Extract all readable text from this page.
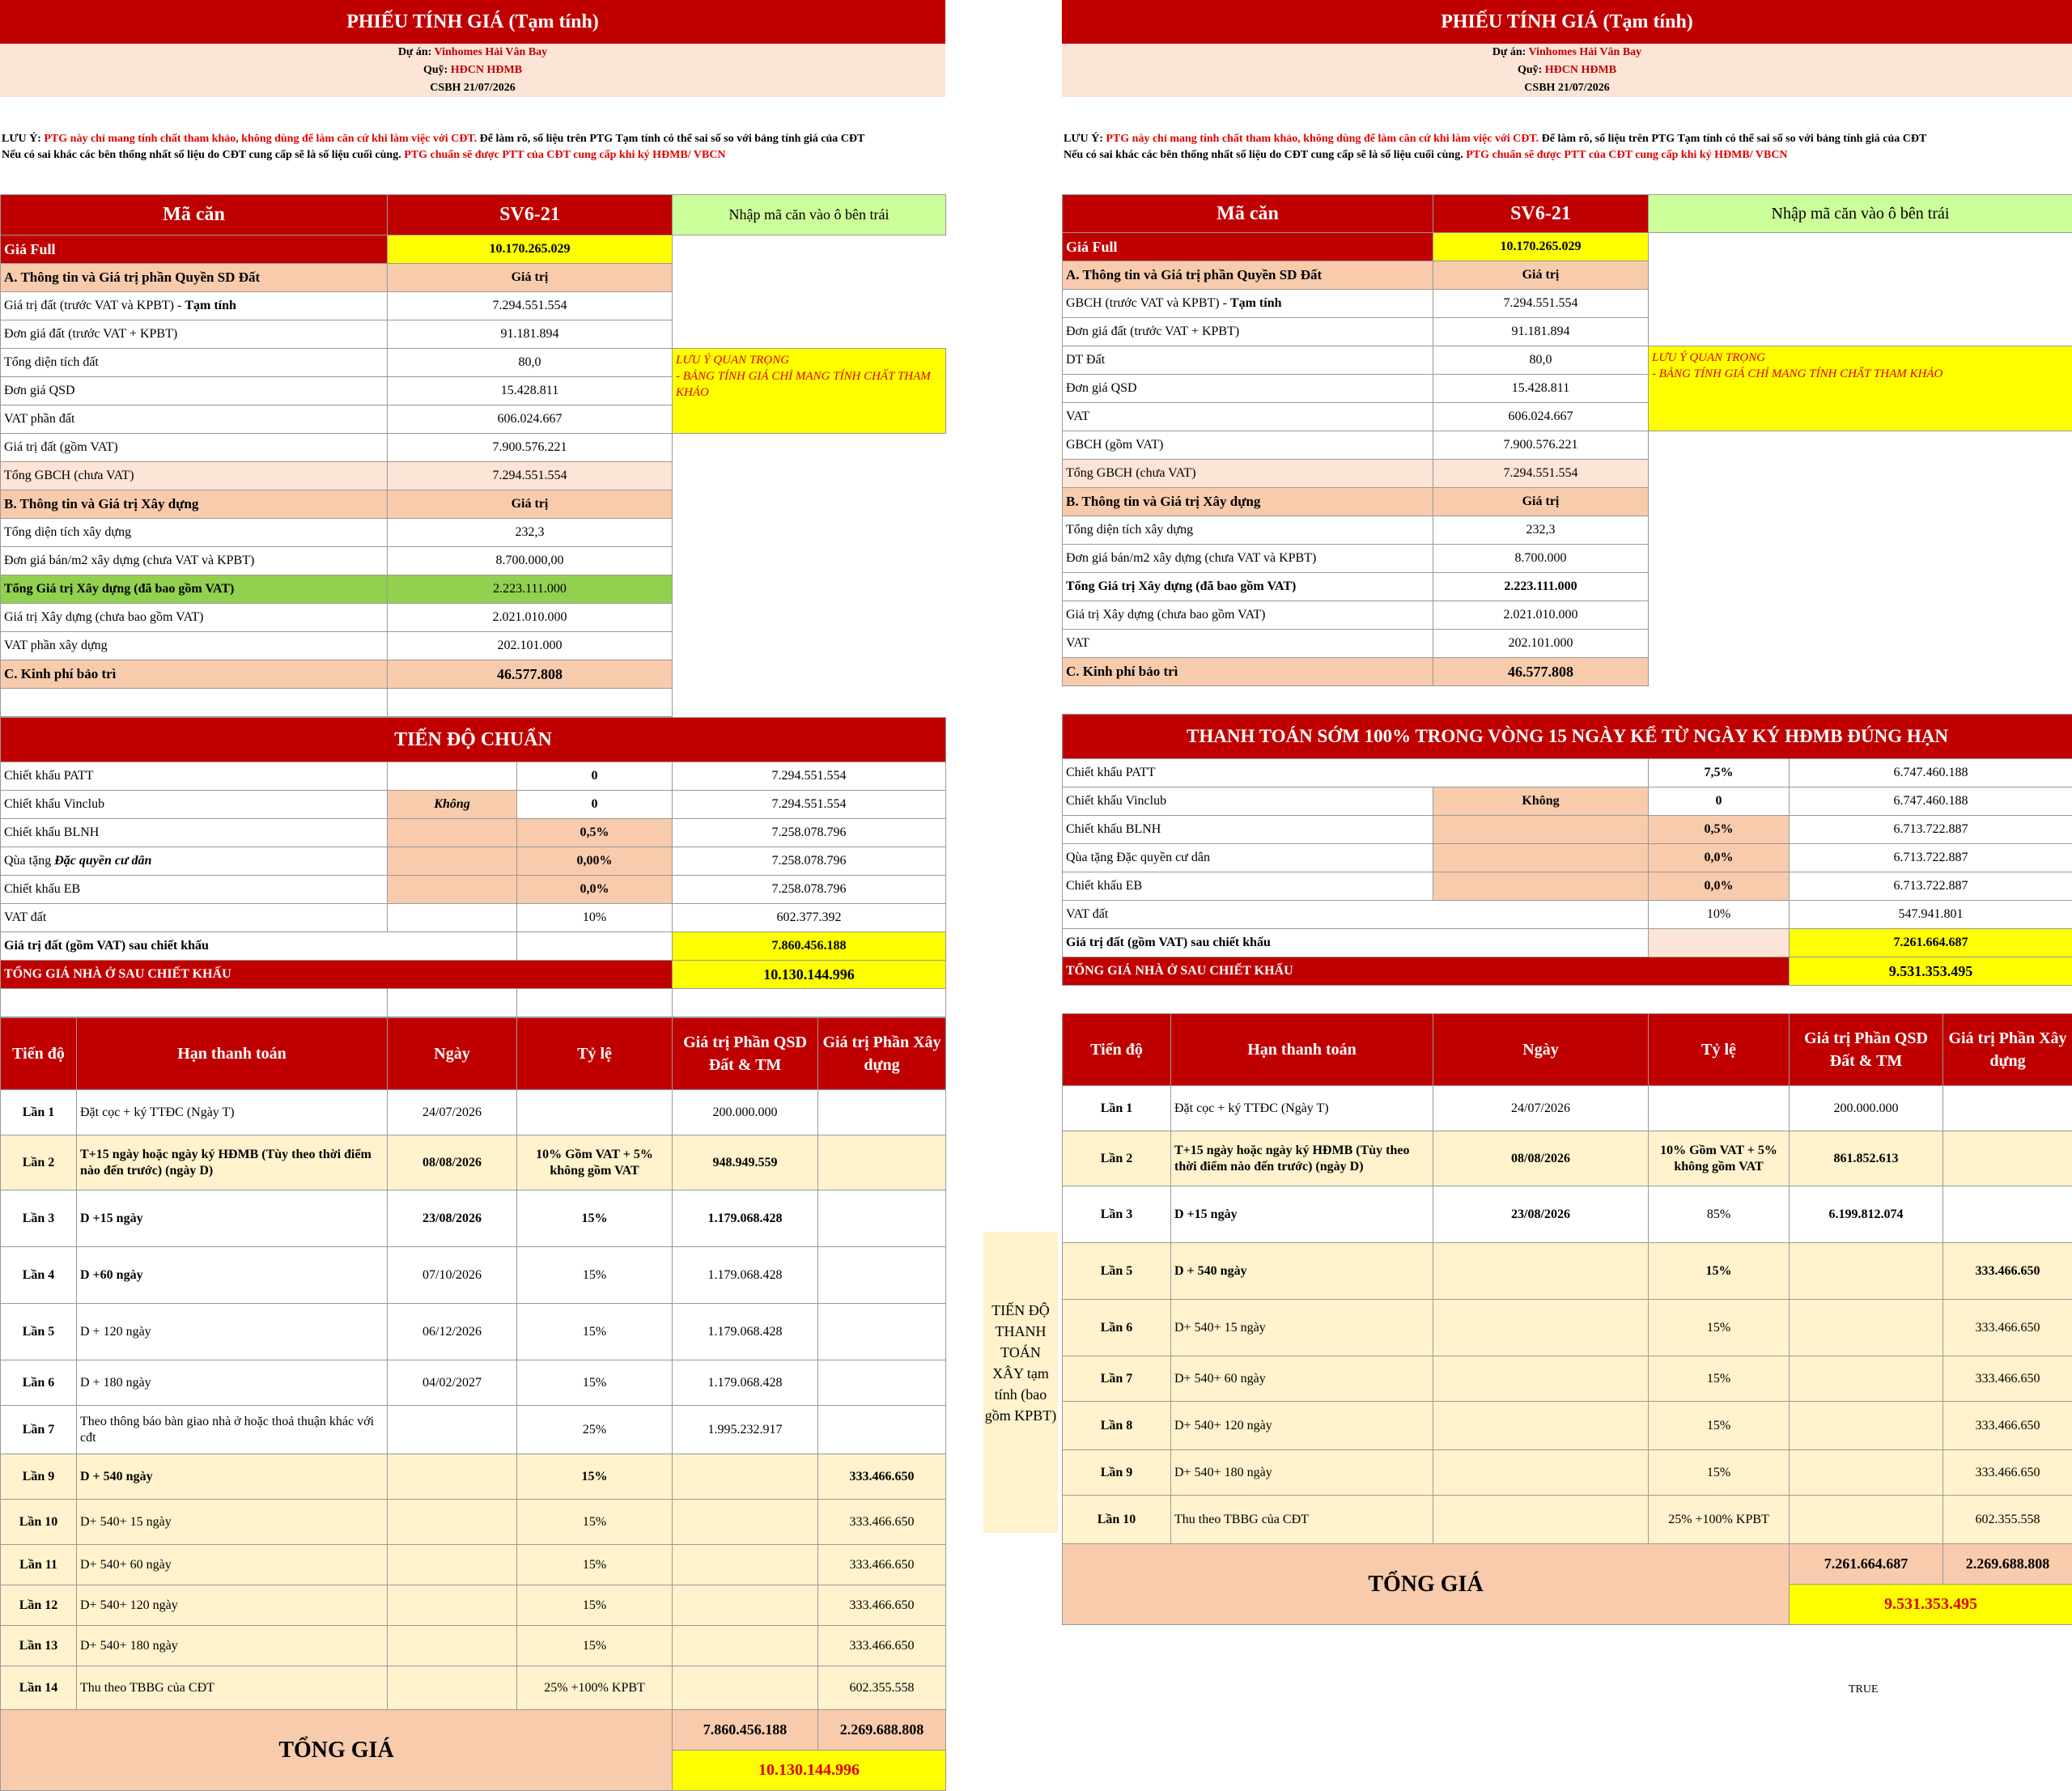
PHIẾU TÍNH GIÁ (Tạm tính)
Dự án: Vinhomes Hải Vân Bay
Quỹ: HĐCN HĐMB
CSBH 21/07/2026
LƯU Ý: PTG này chỉ mang tính chất tham khảo, không dùng để làm căn cứ khi làm việc với CĐT. Để làm rõ, số liệu trên PTG Tạm tính có thể sai số so với bảng tính giá của CĐT
Nếu có sai khác các bên thống nhất số liệu do CĐT cung cấp sẽ là số liệu cuối cùng. PTG chuẩn sẽ được PTT của CĐT cung cấp khi ký HĐMB/ VBCN
Mã căn	SV6-21	Nhập mã căn vào ô bên trái
Giá Full	10.170.265.029	
A. Thông tin và Giá trị phần Quyền SD Đất	Giá trị	
Giá trị đất (trước VAT và KPBT) - Tạm tính	7.294.551.554	
Đơn giá đất (trước VAT + KPBT)	91.181.894	
Tổng diện tích đất	80,0	LƯU Ý QUAN TRỌNG
- BẢNG TÍNH GIÁ CHỈ MANG TÍNH CHẤT THAM KHẢO
Đơn giá QSD	15.428.811	
VAT phần đất	606.024.667	
Giá trị đất (gồm VAT)	7.900.576.221	
Tổng GBCH (chưa VAT)	7.294.551.554	
B. Thông tin và Giá trị Xây dựng	Giá trị	
Tổng diện tích xây dựng	232,3	
Đơn giá bán/m2 xây dựng (chưa VAT và KPBT)	8.700.000,00	
Tổng Giá trị Xây dựng (đã bao gồm VAT)	2.223.111.000	
Giá trị Xây dựng (chưa bao gồm VAT)	2.021.010.000	
VAT phần xây dựng	202.101.000	
C. Kinh phí bảo trì	46.577.808	

TIẾN ĐỘ CHUẨN			
Chiết khấu PATT		0	7.294.551.554
Chiết khấu Vinclub	Không	0	7.294.551.554
Chiết khấu BLNH		0,5%	7.258.078.796
Qùa tặng Đặc quyền cư dân		0,00%	7.258.078.796
Chiết khấu EB		0,0%	7.258.078.796
VAT đất		10%	602.377.392
Giá trị đất (gồm VAT) sau chiết khấu			7.860.456.188
TỔNG GIÁ NHÀ Ở SAU CHIẾT KHẤU			10.130.144.996

Tiến độ	Hạn thanh toán	Ngày	Tỷ lệ	Giá trị Phần QSD Đất & TM	Giá trị Phần Xây dựng
Lần 1	Đặt cọc + ký TTĐC (Ngày T)	24/07/2026		200.000.000	
Lần 2	T+15 ngày hoặc ngày ký HĐMB (Tùy theo thời điểm nào đến trước) (ngày D)	08/08/2026	10% Gồm VAT + 5% không gồm VAT	948.949.559	
Lần 3	D +15 ngày	23/08/2026	15%	1.179.068.428	
Lần 4	D +60 ngày	07/10/2026	15%	1.179.068.428	
Lần 5	D + 120 ngày	06/12/2026	15%	1.179.068.428	
Lần 6	D + 180 ngày	04/02/2027	15%	1.179.068.428	
Lần 7	Theo thông báo bàn giao nhà ở hoặc thoả thuận khác với cđt		25%	1.995.232.917	
Lần 9	D + 540 ngày		15%		333.466.650
Lần 10	D+ 540+ 15 ngày		15%		333.466.650
Lần 11	D+ 540+ 60 ngày		15%		333.466.650
Lần 12	D+ 540+ 120 ngày		15%		333.466.650
Lần 13	D+ 540+ 180 ngày		15%		333.466.650
Lần 14	Thu theo TBBG của CĐT		25% +100% KPBT		602.355.558
TỔNG GIÁ				7.860.456.188	2.269.688.808
				10.130.144.996	
PHIẾU TÍNH GIÁ (Tạm tính)
Dự án: Vinhomes Hải Vân Bay
Quỹ: HĐCN HĐMB
CSBH 21/07/2026
LƯU Ý: PTG này chỉ mang tính chất tham khảo, không dùng để làm căn cứ khi làm việc với CĐT. Để làm rõ, số liệu trên PTG Tạm tính có thể sai số so với bảng tính giá của CĐT
Nếu có sai khác các bên thống nhất số liệu do CĐT cung cấp sẽ là số liệu cuối cùng. PTG chuẩn sẽ được PTT của CĐT cung cấp khi ký HĐMB/ VBCN
Mã căn	SV6-21	Nhập mã căn vào ô bên trái
Giá Full	10.170.265.029	
A. Thông tin và Giá trị phần Quyền SD Đất	Giá trị	
GBCH (trước VAT và KPBT) - Tạm tính	7.294.551.554	
Đơn giá đất (trước VAT + KPBT)	91.181.894	
DT Đất	80,0	LƯU Ý QUAN TRỌNG
- BẢNG TÍNH GIÁ CHỈ MANG TÍNH CHẤT THAM KHẢO
Đơn giá QSD	15.428.811	
VAT	606.024.667	
GBCH (gồm VAT)	7.900.576.221	
Tổng GBCH (chưa VAT)	7.294.551.554	
B. Thông tin và Giá trị Xây dựng	Giá trị	
Tổng diện tích xây dựng	232,3	
Đơn giá bán/m2 xây dựng (chưa VAT và KPBT)	8.700.000	
Tổng Giá trị Xây dựng (đã bao gồm VAT)	2.223.111.000	
Giá trị Xây dựng (chưa bao gồm VAT)	2.021.010.000	
VAT	202.101.000	
C. Kinh phí bảo trì	46.577.808	

THANH TOÁN SỚM 100% TRONG VÒNG 15 NGÀY KỂ TỪ NGÀY KÝ HĐMB ĐÚNG HẠN			
Chiết khấu PATT		7,5%	6.747.460.188
Chiết khấu Vinclub	Không	0	6.747.460.188
Chiết khấu BLNH		0,5%	6.713.722.887
Qùa tặng Đặc quyền cư dân		0,0%	6.713.722.887
Chiết khấu EB		0,0%	6.713.722.887
VAT đất		10%	547.941.801
Giá trị đất (gồm VAT) sau chiết khấu			7.261.664.687
TỔNG GIÁ NHÀ Ở SAU CHIẾT KHẤU			9.531.353.495

Tiến độ	Hạn thanh toán	Ngày	Tỷ lệ	Giá trị Phần QSD Đất & TM	Giá trị Phần Xây dựng
Lần 1	Đặt cọc + ký TTĐC (Ngày T)	24/07/2026		200.000.000	
Lần 2	T+15 ngày hoặc ngày ký HĐMB (Tùy theo thời điểm nào đến trước) (ngày D)	08/08/2026	10% Gồm VAT + 5% không gồm VAT	861.852.613	
Lần 3	D +15 ngày	23/08/2026	85%	6.199.812.074	
Lần 5	D + 540 ngày		15%		333.466.650
Lần 6	D+ 540+ 15 ngày		15%		333.466.650
Lần 7	D+ 540+ 60 ngày		15%		333.466.650
Lần 8	D+ 540+ 120 ngày		15%		333.466.650
Lần 9	D+ 540+ 180 ngày		15%		333.466.650
Lần 10	Thu theo TBBG của CĐT		25% +100% KPBT		602.355.558
TỔNG GIÁ				7.261.664.687	2.269.688.808
				9.531.353.495	
TIẾN ĐỘ THANH TOÁN XÂY tạm tính (bao gồm KPBT)
TRUE
